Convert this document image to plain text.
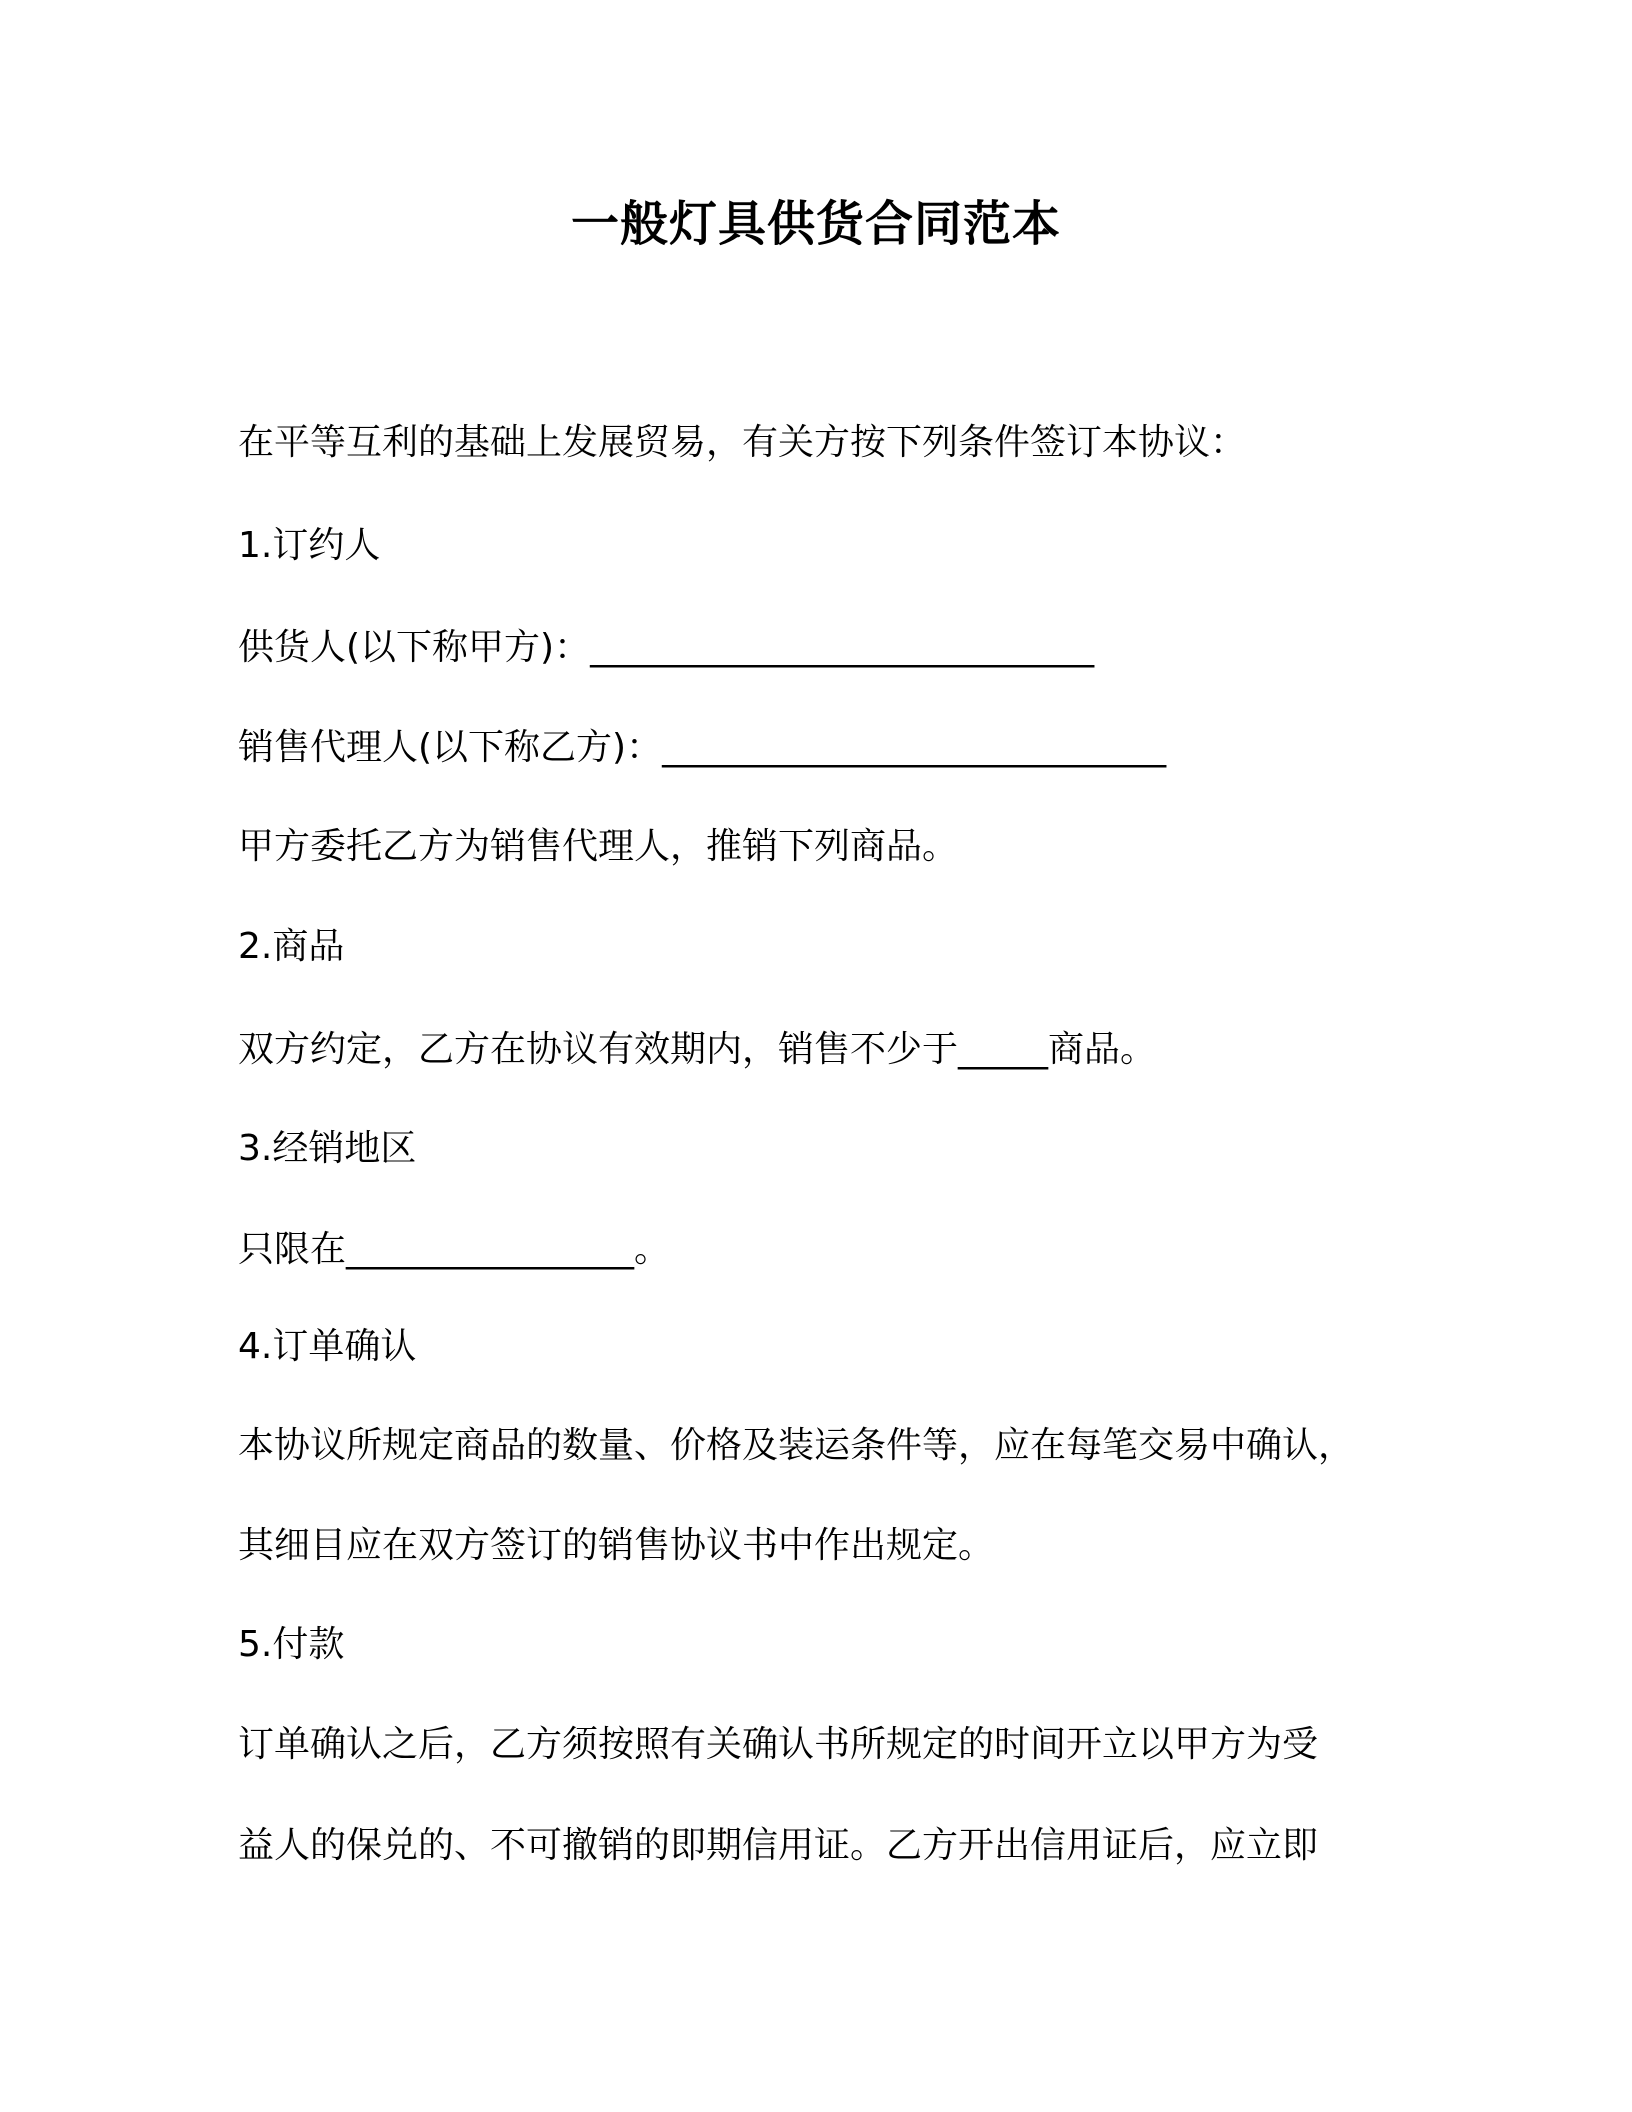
一般灯具供货合同范本
在平等互利的基础上发展贸易，有关方按下列条件签订本协议：
1.订约人
供货人(以下称甲方)：____________________________
销售代理人(以下称乙方)：____________________________
甲方委托乙方为销售代理人，推销下列商品。
2.商品
双方约定，乙方在协议有效期内，销售不少于_____商品。
3.经销地区
只限在________________。
4.订单确认
本协议所规定商品的数量、价格及装运条件等，应在每笔交易中确认，
其细目应在双方签订的销售协议书中作出规定。
5.付款
订单确认之后，乙方须按照有关确认书所规定的时间开立以甲方为受
益人的保兑的、不可撤销的即期信用证。乙方开出信用证后，应立即
